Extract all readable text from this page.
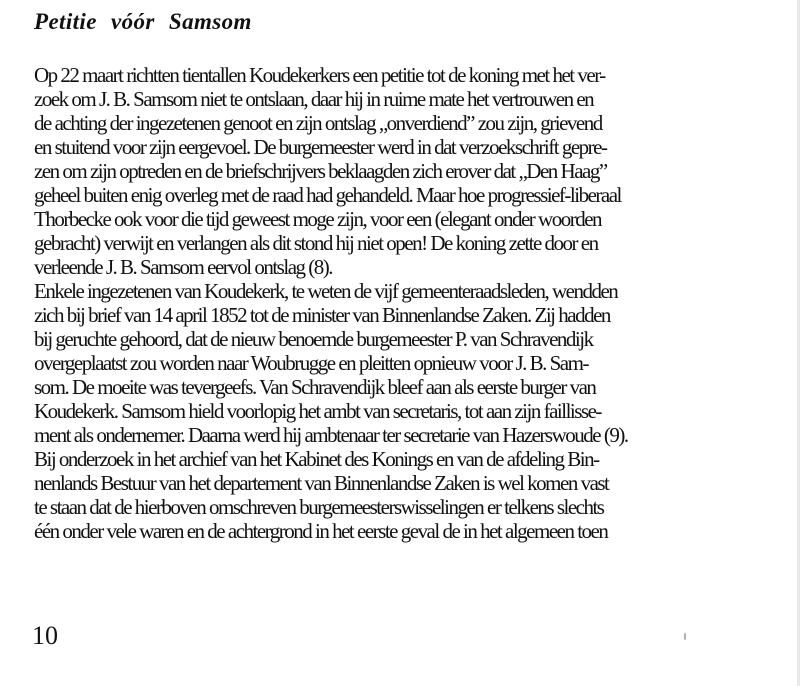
Petitie vóór Samsom
Op 22 maart richtten tientallen Koudekerkers een petitie tot de koning met het ver-
zoek om J. B. Samsom niet te ontslaan, daar hij in ruime mate het vertrouwen en
de achting der ingezetenen genoot en zijn ontslag „onverdiend” zou zijn, grievend
en stuitend voor zijn eergevoel. De burgemeester werd in dat verzoekschrift gepre-
zen om zijn optreden en de briefschrijvers beklaagden zich erover dat „Den Haag”
geheel buiten enig overleg met de raad had gehandeld. Maar hoe progressief-liberaal
Thorbecke ook voor die tijd geweest moge zijn, voor een (elegant onder woorden
gebracht) verwijt en verlangen als dit stond hij niet open! De koning zette door en
verleende J. B. Samsom eervol ontslag (8).
Enkele ingezetenen van Koudekerk, te weten de vijf gemeenteraadsleden, wendden
zich bij brief van 14 april 1852 tot de minister van Binnenlandse Zaken. Zij hadden
bij geruchte gehoord, dat de nieuw benoemde burgemeester P. van Schravendijk
overgeplaatst zou worden naar Woubrugge en pleitten opnieuw voor J. B. Sam-
som. De moeite was tevergeefs. Van Schravendijk bleef aan als eerste burger van
Koudekerk. Samsom hield voorlopig het ambt van secretaris, tot aan zijn faillisse-
ment als ondernemer. Daarna werd hij ambtenaar ter secretarie van Hazerswoude (9).
Bij onderzoek in het archief van het Kabinet des Konings en van de afdeling Bin-
nenlands Bestuur van het departement van Binnenlandse Zaken is wel komen vast
te staan dat de hierboven omschreven burgemeesterswisselingen er telkens slechts
één onder vele waren en de achtergrond in het eerste geval de in het algemeen toen
10
